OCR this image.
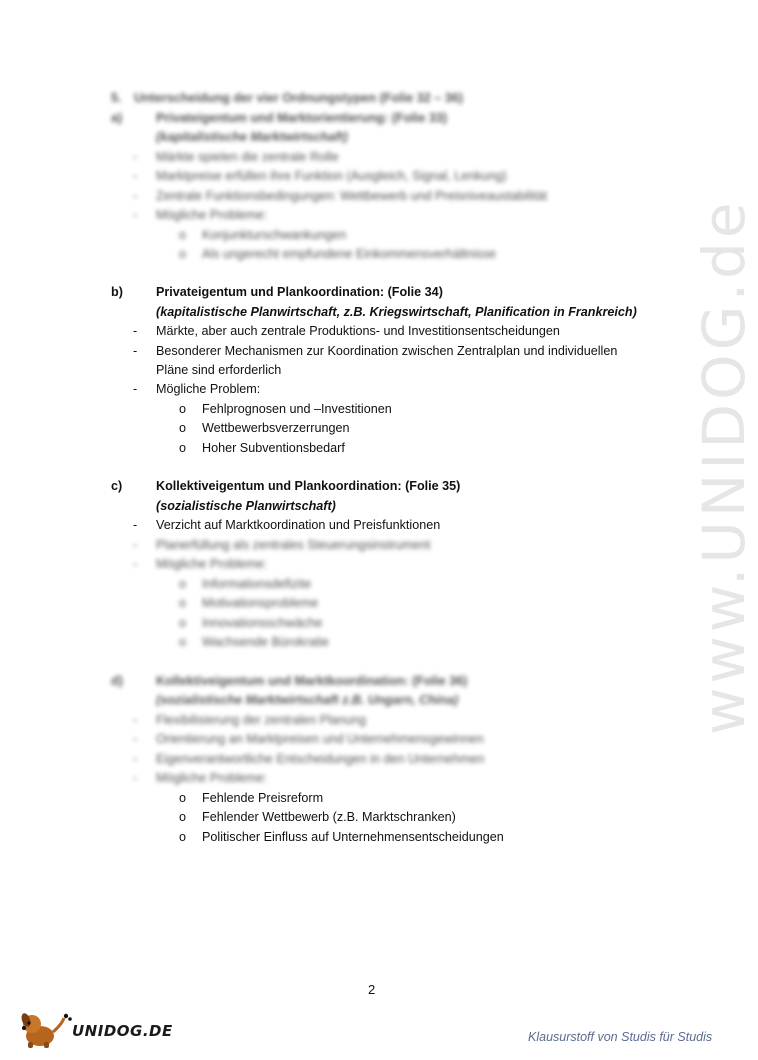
5. Unterscheidung der vier Ordnungstypen (Folie 32 – 36)
a)	Privateigentum und Marktorientierung: (Folie 33)
(kapitalistische Marktwirtschaft)
- Märkte spielen die zentrale Rolle
- Marktpreise erfüllen ihre Funktion (Ausgleich, Signal, Lenkung)
- Zentrale Funktionsbedingungen: Wettbewerb und Preisniveaustabilität
- Mögliche Probleme:
o Konjunkturschwankungen
o Als ungerecht empfundene Einkommensverhältnisse
b)	Privateigentum und Plankoordination: (Folie 34)
(kapitalistische Planwirtschaft, z.B. Kriegswirtschaft, Planification in Frankreich)
- Märkte, aber auch zentrale Produktions- und Investitionsentscheidungen
- Besonderer Mechanismen zur Koordination zwischen Zentralplan und individuellen
Pläne sind erforderlich
- Mögliche Problem:
o Fehlprognosen und –Investitionen
o Wettbewerbsverzerrungen
o Hoher Subventionsbedarf
c)	Kollektiveigentum und Plankoordination: (Folie 35)
(sozialistische Planwirtschaft)
- Verzicht auf Marktkoordination und Preisfunktionen
- Planerfüllung als zentrales Steuerungsinstrument
- Mögliche Probleme:
o Informationsdefizite
o Motivationsprobleme
o Innovationsschwäche
o Wachsende Bürokratie
d)	Kollektiveigentum und Marktkoordination: (Folie 36)
(sozialistische Marktwirtschaft z.B. Ungarn, China)
- Flexibilisierung der zentralen Planung
- Orientierung an Marktpreisen und Unternehmensgewinnen
- Eigenverantwortliche Entscheidungen in den Unternehmen
- Mögliche Probleme:
o Fehlende Preisreform
o Fehlender Wettbewerb (z.B. Marktschranken)
o Politischer Einfluss auf Unternehmensentscheidungen
www.UNIDOG.de
2
UNIDOG.DE	Klausurstoff von Studis für Studis
